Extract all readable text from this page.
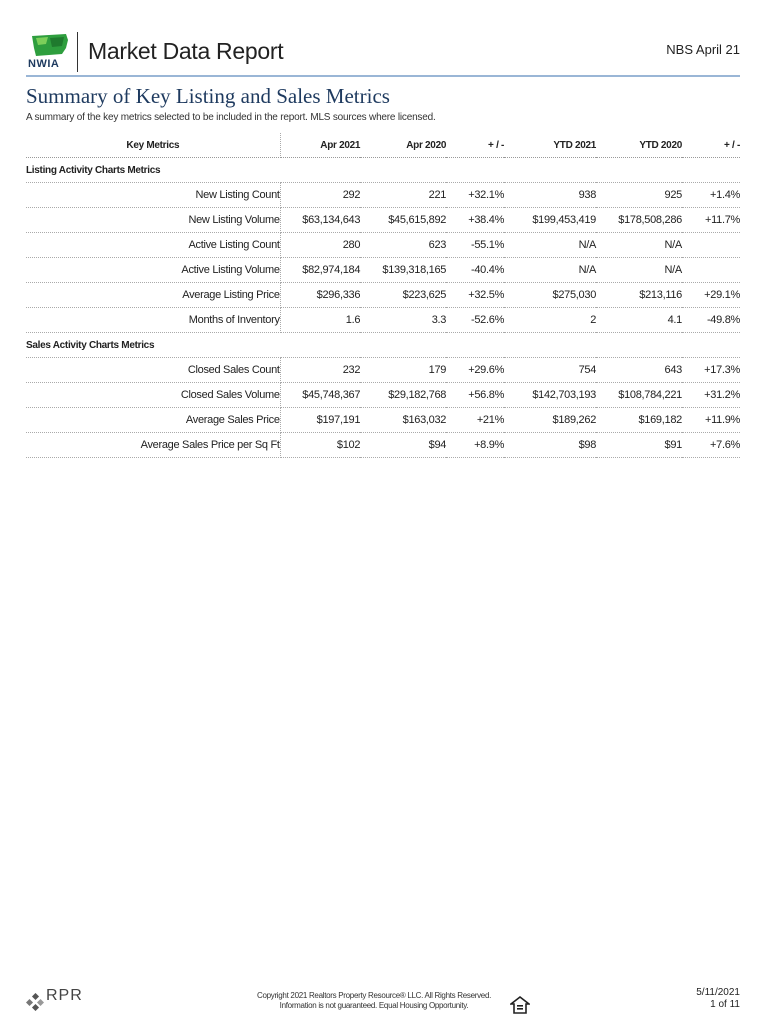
NWIA Market Data Report	NBS April 21
Summary of Key Listing and Sales Metrics
A summary of the key metrics selected to be included in the report. MLS sources where licensed.
Key Metrics	Apr 2021	Apr 2020	+ / -	YTD 2021	YTD 2020	+ / -
Listing Activity Charts Metrics						
New Listing Count	292	221	+32.1%	938	925	+1.4%
New Listing Volume	$63,134,643	$45,615,892	+38.4%	$199,453,419	$178,508,286	+11.7%
Active Listing Count	280	623	-55.1%	N/A	N/A	
Active Listing Volume	$82,974,184	$139,318,165	-40.4%	N/A	N/A	
Average Listing Price	$296,336	$223,625	+32.5%	$275,030	$213,116	+29.1%
Months of Inventory	1.6	3.3	-52.6%	2	4.1	-49.8%
Sales Activity Charts Metrics						
Closed Sales Count	232	179	+29.6%	754	643	+17.3%
Closed Sales Volume	$45,748,367	$29,182,768	+56.8%	$142,703,193	$108,784,221	+31.2%
Average Sales Price	$197,191	$163,032	+21%	$189,262	$169,182	+11.9%
Average Sales Price per Sq Ft	$102	$94	+8.9%	$98	$91	+7.6%
RPR	Copyright 2021 Realtors Property Resource® LLC. All Rights Reserved.
Information is not guaranteed. Equal Housing Opportunity.
5/11/2021
1 of 11
